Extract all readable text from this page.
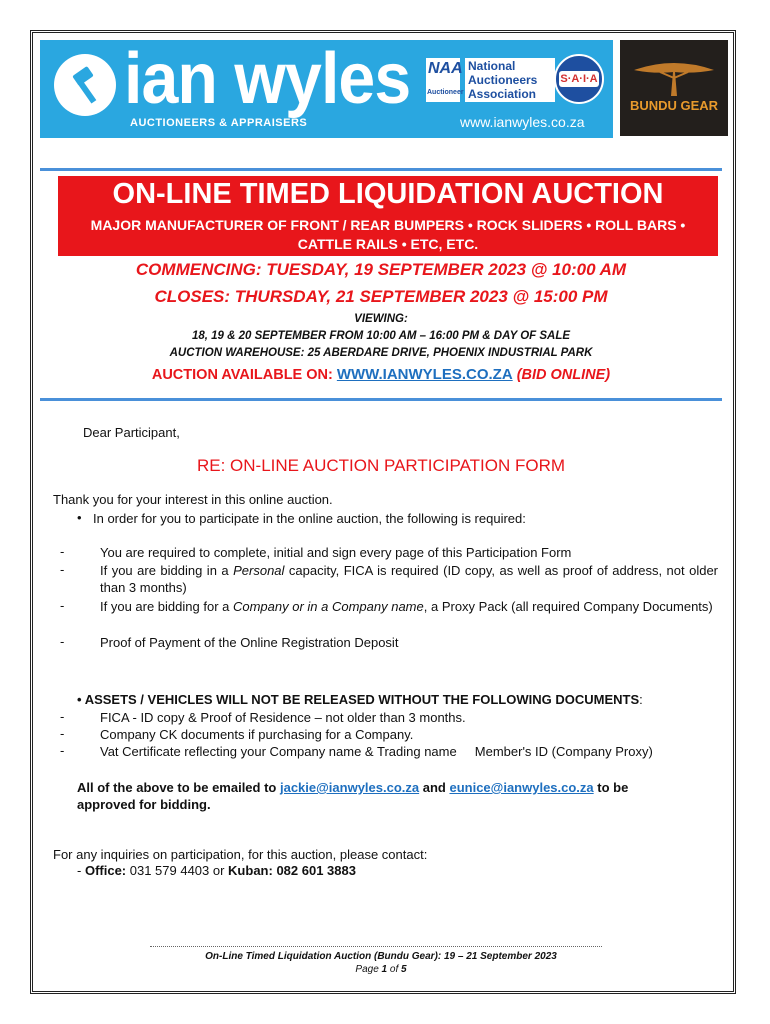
ian wyles
AUCTIONEERS & APPRAISERS
NAA
Auctioneer
National
Auctioneers
Association
S·A·I·A
www.ianwyles.co.za
BUNDU GEAR
ON-LINE TIMED LIQUIDATION AUCTION
MAJOR MANUFACTURER OF FRONT / REAR BUMPERS • ROCK SLIDERS • ROLL BARS •
CATTLE RAILS • ETC, ETC.
COMMENCING: TUESDAY, 19 SEPTEMBER 2023 @ 10:00 AM
CLOSES: THURSDAY, 21 SEPTEMBER 2023 @ 15:00 PM
VIEWING:
18, 19 & 20 SEPTEMBER FROM 10:00 AM – 16:00 PM & DAY OF SALE
AUCTION WAREHOUSE: 25 ABERDARE DRIVE, PHOENIX INDUSTRIAL PARK
AUCTION AVAILABLE ON: WWW.IANWYLES.CO.ZA (BID ONLINE)
Dear Participant,
RE: ON-LINE AUCTION PARTICIPATION FORM
Thank you for your interest in this online auction.
• In order for you to participate in the online auction, the following is required:
-	You are required to complete, initial and sign every page of this Participation Form
-	If you are bidding in a Personal capacity, FICA is required (ID copy, as well as proof of address, not older than 3 months)
-	If you are bidding for a Company or in a Company name, a Proxy Pack (all required Company Documents)
-	Proof of Payment of the Online Registration Deposit
• ASSETS / VEHICLES WILL NOT BE RELEASED WITHOUT THE FOLLOWING DOCUMENTS:
-	FICA - ID copy & Proof of Residence – not older than 3 months.
-	Company CK documents if purchasing for a Company.
-	Vat Certificate reflecting your Company name & Trading name     Member's ID (Company Proxy)
All of the above to be emailed to jackie@ianwyles.co.za and eunice@ianwyles.co.za to be
approved for bidding.
For any inquiries on participation, for this auction, please contact:
- Office: 031 579 4403 or Kuban: 082 601 3883
On-Line Timed Liquidation Auction (Bundu Gear): 19 – 21 September 2023
Page 1 of 5
